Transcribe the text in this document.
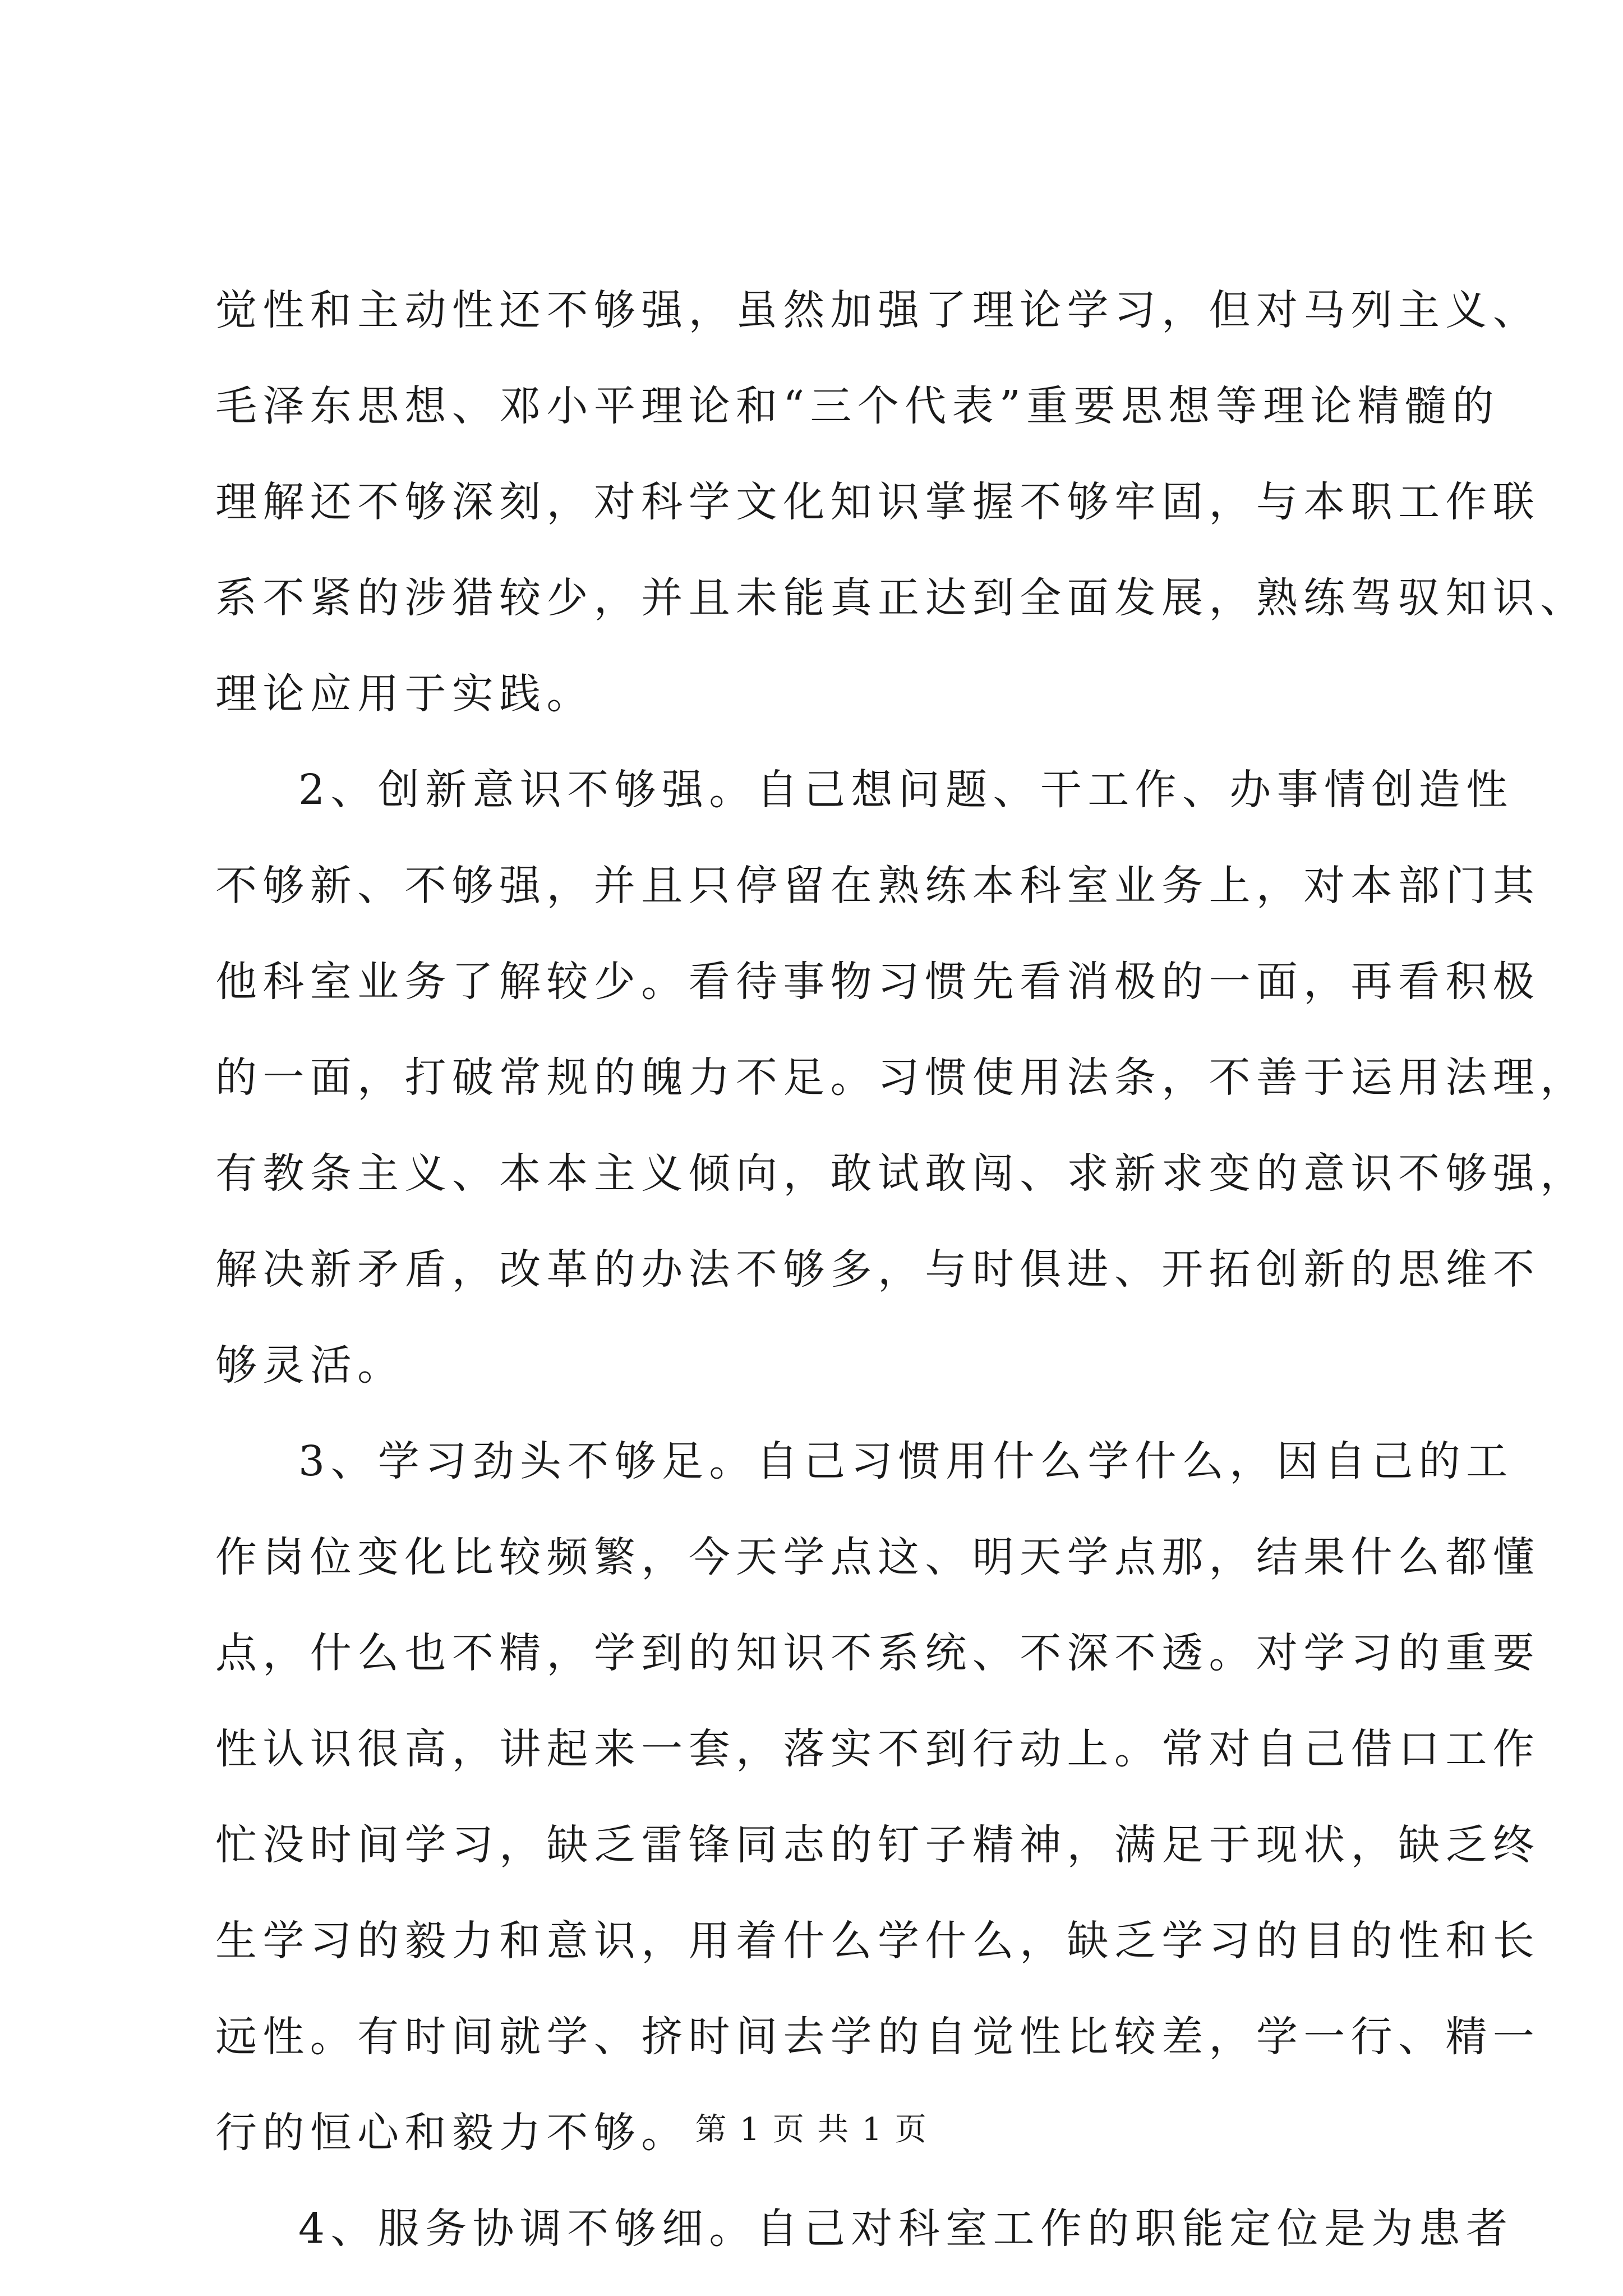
觉性和主动性还不够强，虽然加强了理论学习，但对马列主义、
毛泽东思想、邓小平理论和“三个代表”重要思想等理论精髓的
理解还不够深刻，对科学文化知识掌握不够牢固，与本职工作联
系不紧的涉猎较少，并且未能真正达到全面发展，熟练驾驭知识、
理论应用于实践。
2、创新意识不够强。自己想问题、干工作、办事情创造性
不够新、不够强，并且只停留在熟练本科室业务上，对本部门其
他科室业务了解较少。看待事物习惯先看消极的一面，再看积极
的一面，打破常规的魄力不足。习惯使用法条，不善于运用法理，
有教条主义、本本主义倾向，敢试敢闯、求新求变的意识不够强，
解决新矛盾，改革的办法不够多，与时俱进、开拓创新的思维不
够灵活。
3、学习劲头不够足。自己习惯用什么学什么，因自己的工
作岗位变化比较频繁，今天学点这、明天学点那，结果什么都懂
点，什么也不精，学到的知识不系统、不深不透。对学习的重要
性认识很高，讲起来一套，落实不到行动上。常对自己借口工作
忙没时间学习，缺乏雷锋同志的钉子精神，满足于现状，缺乏终
生学习的毅力和意识，用着什么学什么，缺乏学习的目的性和长
远性。有时间就学、挤时间去学的自觉性比较差，学一行、精一
行的恒心和毅力不够。
4、服务协调不够细。自己对科室工作的职能定位是为患者
第 1 页 共 1 页
